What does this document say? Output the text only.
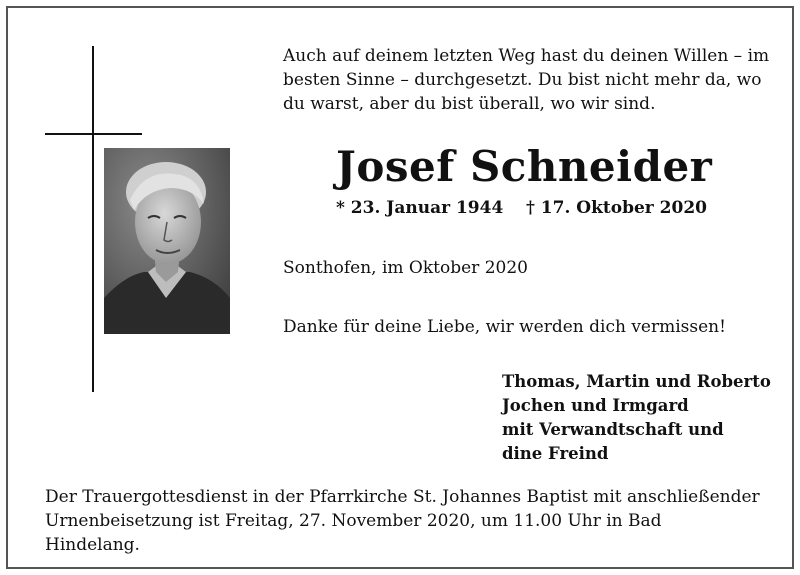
Auch auf deinem letzten Weg hast du deinen Willen – im
besten Sinne – durchgesetzt. Du bist nicht mehr da, wo
du warst, aber du bist überall, wo wir sind.

Josef Schneider
* 23. Januar 1944 † 17. Oktober 2020
Sonthofen, im Oktober 2020
Danke für deine Liebe, wir werden dich vermissen!
Thomas, Martin und Roberto
Jochen und Irmgard
mit Verwandtschaft und
dine Freind

Der Trauergottesdienst in der Pfarrkirche St. Johannes Baptist mit anschließender
Urnenbeisetzung ist Freitag, 27. November 2020, um 11.00 Uhr in Bad Hindelang.
